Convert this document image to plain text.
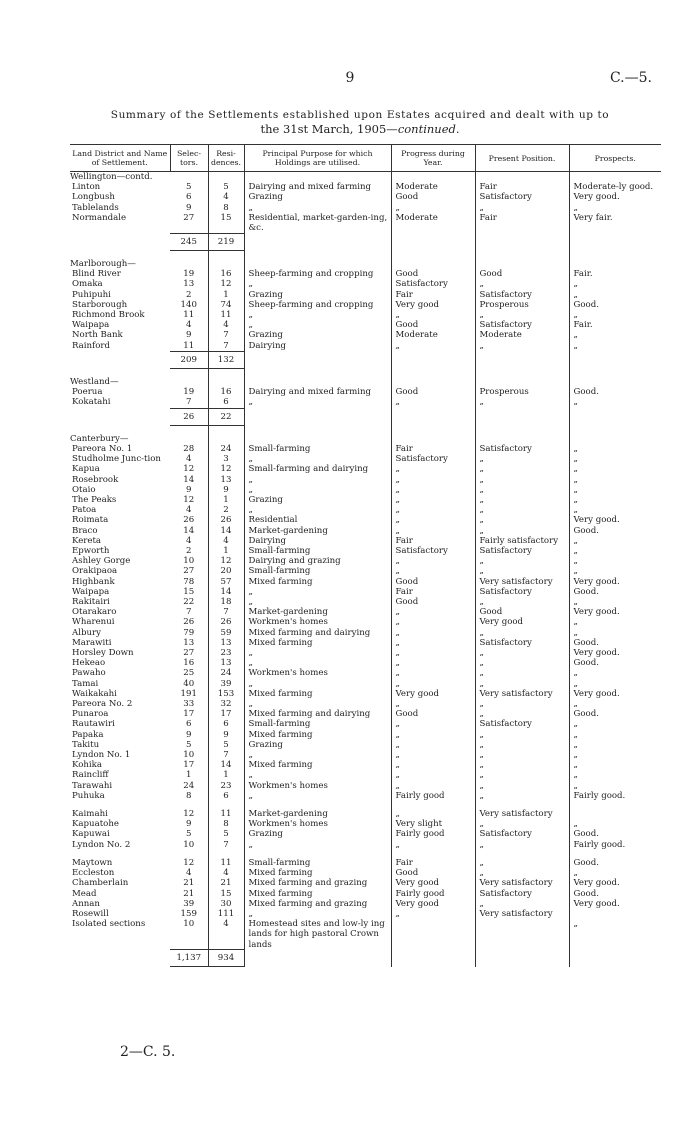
9	C.—5.
Summary of the Settlements established upon Estates acquired and dealt with up to
the 31st March, 1905—continued.
Land District and Name of Settlement.	Selec-tors.	Resi-dences.	Principal Purpose for which Holdings are utilised.	Progress during Year.	Present Position.	Prospects.
Wellington—contd.						
Linton	5	5	Dairying and mixed farming	Moderate	Fair	Moderate-ly good.
Longbush	6	4	Grazing	Good	Satisfactory	Very good.
Tablelands	9	8	„	„	„	„
Normandale	27	15	Residential, market-garden-ing, &c.	Moderate	Fair	Very fair.
	245	219				

Marlborough—						
Blind River	19	16	Sheep-farming and cropping	Good	Good	Fair.
Omaka	13	12	„	Satisfactory	„	„
Puhipuhi	2	1	Grazing	Fair	Satisfactory	„
Starborough	140	74	Sheep-farming and cropping	Very good	Prosperous	Good.
Richmond Brook	11	11	„	„	„	„
Waipapa	4	4	„	Good	Satisfactory	Fair.
North Bank	9	7	Grazing	Moderate	Moderate	„
Rainford	11	7	Dairying	„	„	„
	209	132				

Westland—						
Poerua	19	16	Dairying and mixed farming	Good	Prosperous	Good.
Kokatahi	7	6	„	„	„	„
	26	22				

Canterbury—						
Pareora No. 1	28	24	Small-farming	Fair	Satisfactory	„
Studholme Junc-tion	4	3	„	Satisfactory	„	„
Kapua	12	12	Small-farming and dairying	„	„	„
Rosebrook	14	13	„	„	„	„
Otaio	9	9	„	„	„	„
The Peaks	12	1	Grazing	„	„	„
Patoa	4	2	„	„	„	„
Roimata	26	26	Residential	„	„	Very good.
Braco	14	14	Market-gardening	„	„	Good.
Kereta	4	4	Dairying	Fair	Fairly satisfactory	„
Epworth	2	1	Small-farming	Satisfactory	Satisfactory	„
Ashley Gorge	10	12	Dairying and grazing	„	„	„
Orakipaoa	27	20	Small-farming	„	„	„
Highbank	78	57	Mixed farming	Good	Very satisfactory	Very good.
Waipapa	15	14	„	Fair	Satisfactory	Good.
Rakitairi	22	18	„	Good	„	„
Otarakaro	7	7	Market-gardening	„	Good	Very good.
Wharenui	26	26	Workmen's homes	„	Very good	„
Albury	79	59	Mixed farming and dairying	„	„	„
Marawiti	13	13	Mixed farming	„	Satisfactory	Good.
Horsley Down	27	23	„	„	„	Very good.
Hekeao	16	13	„	„	„	Good.
Pawaho	25	24	Workmen's homes	„	„	„
Tamai	40	39	„	„	„	„
Waikakahi	191	153	Mixed farming	Very good	Very satisfactory	Very good.
Pareora No. 2	33	32	„	„	„	„
Punaroa	17	17	Mixed farming and dairying	Good	„	Good.
Rautawiri	6	6	Small-farming	„	Satisfactory	„
Papaka	9	9	Mixed farming	„	„	„
Takitu	5	5	Grazing	„	„	„
Lyndon No. 1	10	7	„	„	„	„
Kohika	17	14	Mixed farming	„	„	„
Raincliff	1	1	„	„	„	„
Tarawahi	24	23	Workmen's homes	„	„	„
Puhuka	8	6	„	Fairly good	„	Fairly good.

Kaimahi	12	11	Market-gardening	„	Very satisfactory	
Kapuatohe	9	8	Workmen's homes	Very slight	„	„
Kapuwai	5	5	Grazing	Fairly good	Satisfactory	Good.
Lyndon No. 2	10	7	„	„	„	Fairly good.

Maytown	12	11	Small-farming	Fair	„	Good.
Eccleston	4	4	Mixed farming	Good	„	„
Chamberlain	21	21	Mixed farming and grazing	Very good	Very satisfactory	Very good.
Mead	21	15	Mixed farming	Fairly good	Satisfactory	Good.
Annan	39	30	Mixed farming and grazing	Very good	„	Very good.
Rosewill	159	111	„	„	Very satisfactory	
Isolated sections	10	4	Homestead sites and low-ly ing lands for high pastoral Crown lands			„
	1,137	934				
2—C. 5.
